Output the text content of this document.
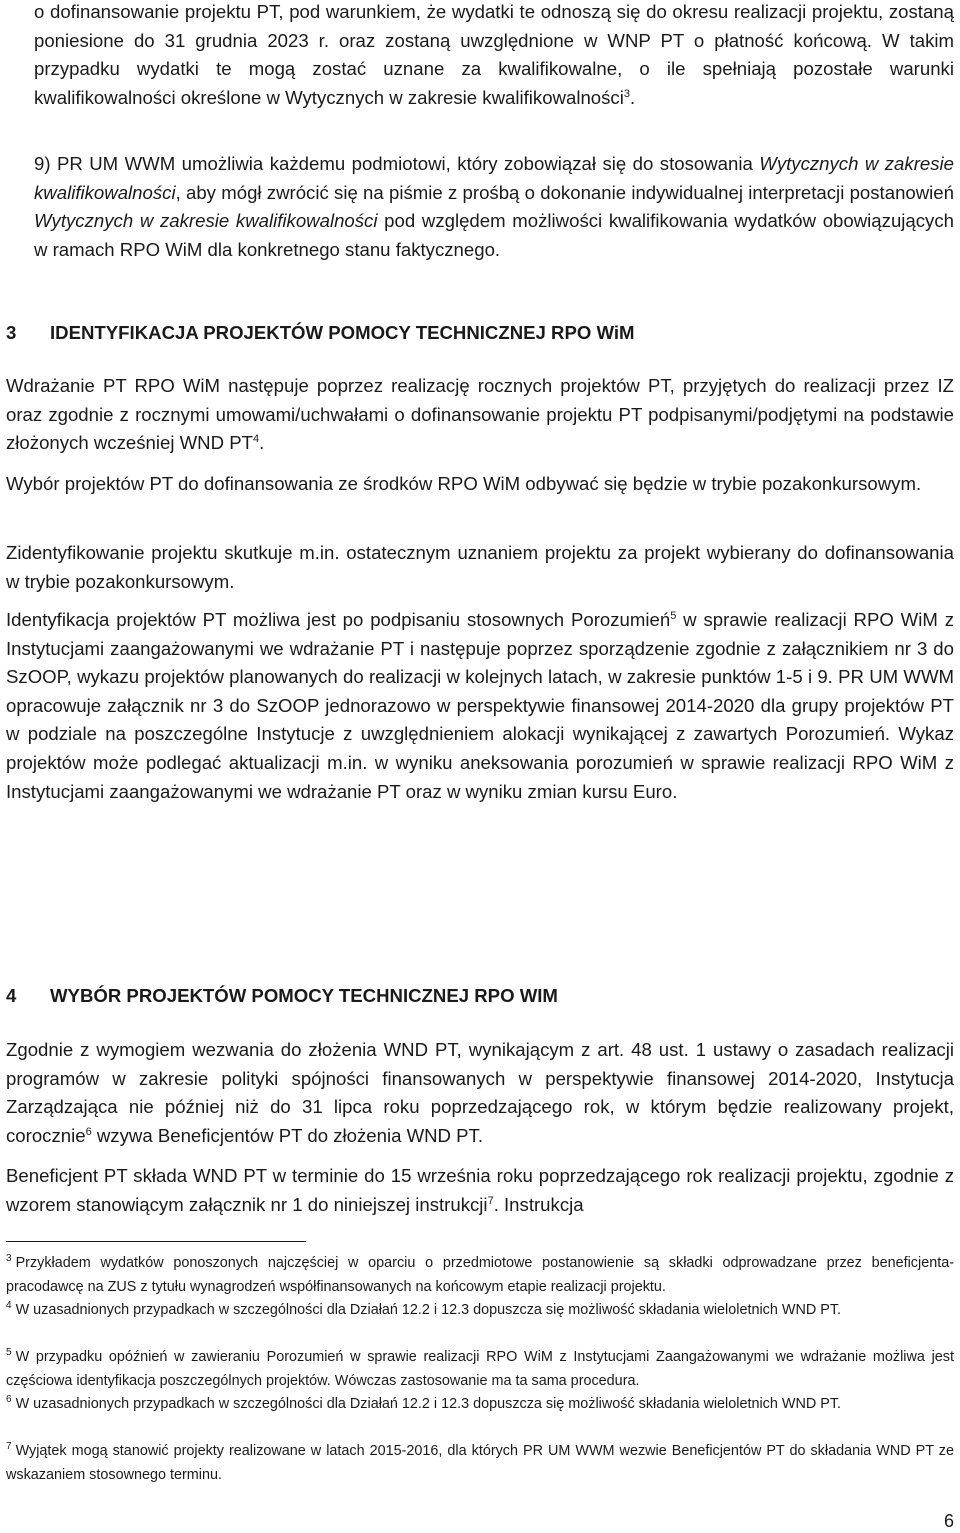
o dofinansowanie projektu PT, pod warunkiem, że wydatki te odnoszą się do okresu realizacji projektu, zostaną poniesione do 31 grudnia 2023 r. oraz zostaną uwzględnione w WNP PT o płatność końcową. W takim przypadku wydatki te mogą zostać uznane za kwalifikowalne, o ile spełniają pozostałe warunki kwalifikowalności określone w Wytycznych w zakresie kwalifikowalności$^3$.

9) PR UM WWM umożliwia każdemu podmiotowi, który zobowiązał się do stosowania Wytycznych w zakresie kwalifikowalności, aby mógł zwrócić się na piśmie z prośbą o dokonanie indywidualnej interpretacji postanowień Wytycznych w zakresie kwalifikowalności pod względem możliwości kwalifikowania wydatków obowiązujących w ramach RPO WiM dla konkretnego stanu faktycznego.

3 IDENTYFIKACJA PROJEKTÓW POMOCY TECHNICZNEJ RPO WiM

Wdrażanie PT RPO WiM następuje poprzez realizację rocznych projektów PT, przyjętych do realizacji przez IZ oraz zgodnie z rocznymi umowami/uchwałami o dofinansowanie projektu PT podpisanymi/podjętymi na podstawie złożonych wcześniej WND $PT^4$.

Wybór projektów PT do dofinansowania ze środków RPO WiM odbywać się będzie w trybie pozakonkursowym.

Zidentyfikowanie projektu skutkuje m.in. ostatecznym uznaniem projektu za projekt wybierany do dofinansowania w trybie pozakonkursowym.

Identyfikacja projektów PT możliwa jest po podpisaniu stosownych Porozumień$^5$ w sprawie realizacji RPO WiM z Instytucjami zaangażowanymi we wdrażanie PT i następuje poprzez sporządzenie zgodnie z załącznikiem nr 3 do SzOOP, wykazu projektów planowanych do realizacji w kolejnych latach, w zakresie punktów 1-5 i 9. PR UM WWM opracowuje załącznik nr 3 do SzOOP jednorazowo w perspektywie finansowej 2014-2020 dla grupy projektów PT w podziale na poszczególne Instytucje z uwzględnieniem alokacji wynikającej z zawartych Porozumień. Wykaz projektów może podlegać aktualizacji m.in. w wyniku aneksowania porozumień w sprawie realizacji RPO WiM z Instytucjami zaangażowanymi we wdrażanie PT oraz w wyniku zmian kursu Euro.

4 WYBÓR PROJEKTÓW POMOCY TECHNICZNEJ RPO WIM

Zgodnie z wymogiem wezwania do złożenia WND PT, wynikającym z art. 48 ust. 1 ustawy o zasadach realizacji programów w zakresie polityki spójności finansowanych w perspektywie finansowej 2014-2020, Instytucja Zarządzająca nie później niż do 31 lipca roku poprzedzającego rok, w którym będzie realizowany projekt, corocznie$^6$ wzywa Beneficjentów PT do złożenia WND PT.

Beneficjent PT składa WND PT w terminie do 15 września roku poprzedzającego rok realizacji projektu, zgodnie z wzorem stanowiącym załącznik nr 1 do niniejszej instrukcji$^7$. Instrukcja

$^3$ Przykładem wydatków ponoszonych najczęściej w oparciu o przedmiotowe postanowienie są składki odprowadzane przez beneficjenta-pracodawcę na ZUS z tytułu wynagrodzeń współfinansowanych na końcowym etapie realizacji projektu.

$^4$ W uzasadnionych przypadkach w szczególności dla Działań 12.2 i 12.3 dopuszcza się możliwość składania wieloletnich WND PT.

$^5$ W przypadku opóźnień w zawieraniu Porozumień w sprawie realizacji RPO WiM z Instytucjami Zaangażowanymi we wdrażanie możliwa jest częściowa identyfikacja poszczególnych projektów. Wówczas zastosowanie ma ta sama procedura.

$^6$ W uzasadnionych przypadkach w szczególności dla Działań 12.2 i 12.3 dopuszcza się możliwość składania wieloletnich WND PT.

$^7$ Wyjątek mogą stanowić projekty realizowane w latach 2015-2016, dla których PR UM WWM wezwie Beneficjentów PT do składania WND PT ze wskazaniem stosownego terminu.

6
